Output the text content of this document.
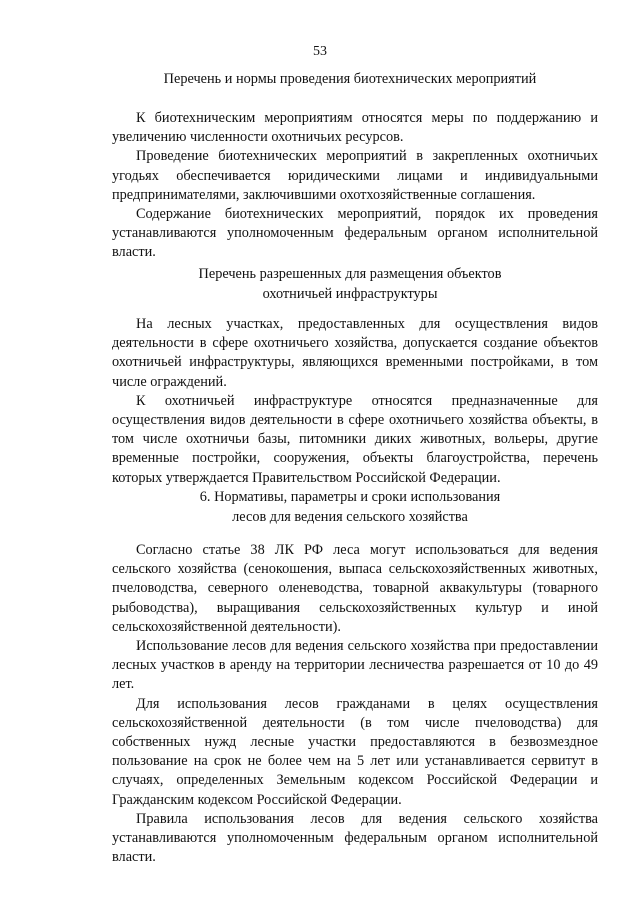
53
Перечень и нормы проведения биотехнических мероприятий

К биотехническим мероприятиям относятся меры по поддержанию и увеличению численности охотничьих ресурсов.

Проведение биотехнических мероприятий в закрепленных охотничьих угодьях обеспечивается юридическими лицами и индивидуальными предпринимателями, заключившими охотхозяйственные соглашения.

Содержание биотехнических мероприятий, порядок их проведения устанавливаются уполномоченным федеральным органом исполнительной власти.

Перечень разрешенных для размещения объектов
охотничьей инфраструктуры

На лесных участках, предоставленных для осуществления видов деятельности в сфере охотничьего хозяйства, допускается создание объектов охотничьей инфраструктуры, являющихся временными постройками, в том числе ограждений.

К охотничьей инфраструктуре относятся предназначенные для осуществления видов деятельности в сфере охотничьего хозяйства объекты, в том числе охотничьи базы, питомники диких животных, вольеры, другие временные постройки, сооружения, объекты благоустройства, перечень которых утверждается Правительством Российской Федерации.

6. Нормативы, параметры и сроки использования
лесов для ведения сельского хозяйства

Согласно статье 38 ЛК РФ леса могут использоваться для ведения сельского хозяйства (сенокошения, выпаса сельскохозяйственных животных, пчеловодства, северного оленеводства, товарной аквакультуры (товарного рыбоводства), выращивания сельскохозяйственных культур и иной сельскохозяйственной деятельности).

Использование лесов для ведения сельского хозяйства при предоставлении лесных участков в аренду на территории лесничества разрешается от 10 до 49 лет.

Для использования лесов гражданами в целях осуществления сельскохозяйственной деятельности (в том числе пчеловодства) для собственных нужд лесные участки предоставляются в безвозмездное пользование на срок не более чем на 5 лет или устанавливается сервитут в случаях, определенных Земельным кодексом Российской Федерации и Гражданским кодексом Российской Федерации.

Правила использования лесов для ведения сельского хозяйства устанавливаются уполномоченным федеральным органом исполнительной власти.
